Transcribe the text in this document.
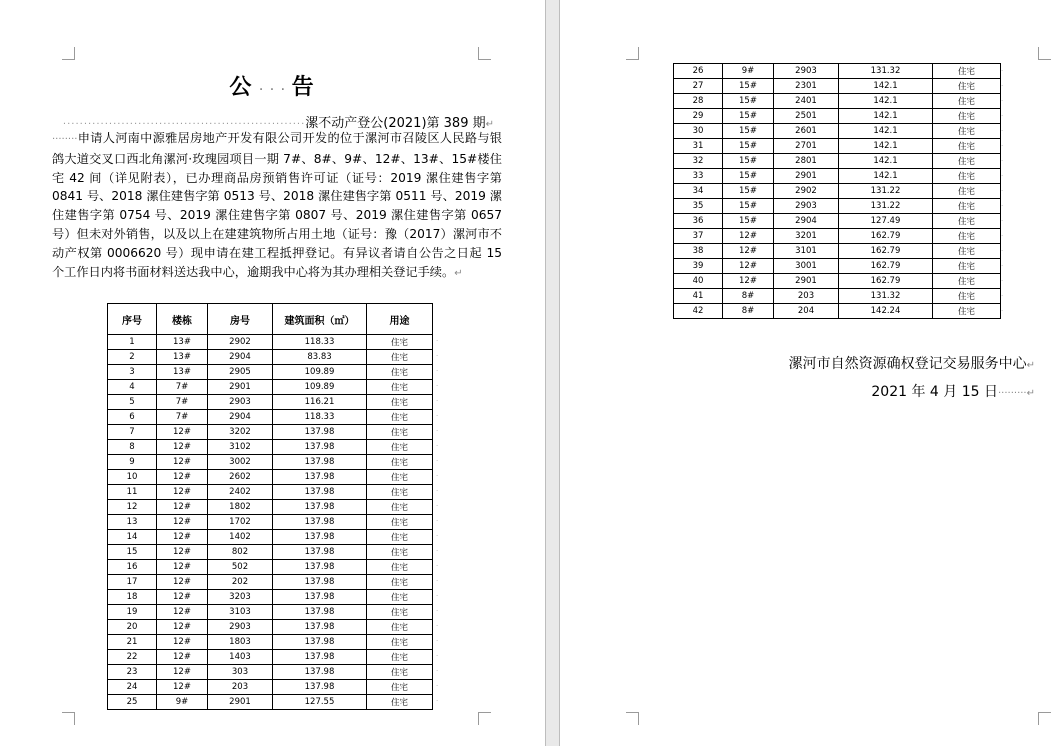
公 · · · 告
··························································漯不动产登公(2021)第 389 期↵
········申请人河南中源雅居房地产开发有限公司开发的位于漯河市召陵区人民路与银鸽大道交叉口西北角漯河·玫瑰园项目一期 7#、8#、9#、12#、13#、15#楼住宅 42 间（详见附表），已办理商品房预销售许可证（证号：2019 漯住建售字第 0841 号、2018 漯住建售字第 0513 号、2018 漯住建售字第 0511 号、2019 漯住建售字第 0754 号、2019 漯住建售字第 0807 号、2019 漯住建售字第 0657 号）但未对外销售，以及以上在建建筑物所占用土地（证号：豫（2017）漯河市不动产权第 0006620 号）现申请在建工程抵押登记。有异议者请自公告之日起 15 个工作日内将书面材料送达我中心，逾期我中心将为其办理相关登记手续。↵
序号	楼栋	房号	建筑面积（㎡）	用途
1	13#	2902	118.33	住宅
2	13#	2904	83.83	住宅
3	13#	2905	109.89	住宅
4	7#	2901	109.89	住宅
5	7#	2903	116.21	住宅
6	7#	2904	118.33	住宅
7	12#	3202	137.98	住宅
8	12#	3102	137.98	住宅
9	12#	3002	137.98	住宅
10	12#	2602	137.98	住宅
11	12#	2402	137.98	住宅
12	12#	1802	137.98	住宅
13	12#	1702	137.98	住宅
14	12#	1402	137.98	住宅
15	12#	802	137.98	住宅
16	12#	502	137.98	住宅
17	12#	202	137.98	住宅
18	12#	3203	137.98	住宅
19	12#	3103	137.98	住宅
20	12#	2903	137.98	住宅
21	12#	1803	137.98	住宅
22	12#	1403	137.98	住宅
23	12#	303	137.98	住宅
24	12#	203	137.98	住宅
25	9#	2901	127.55	住宅
·
·
·
·
·
·
·
·
·
·
·
·
·
·
·
·
·
·
·
·
·
·
·
·
·
26	9#	2903	131.32	住宅
27	15#	2301	142.1	住宅
28	15#	2401	142.1	住宅
29	15#	2501	142.1	住宅
30	15#	2601	142.1	住宅
31	15#	2701	142.1	住宅
32	15#	2801	142.1	住宅
33	15#	2901	142.1	住宅
34	15#	2902	131.22	住宅
35	15#	2903	131.22	住宅
36	15#	2904	127.49	住宅
37	12#	3201	162.79	住宅
38	12#	3101	162.79	住宅
39	12#	3001	162.79	住宅
40	12#	2901	162.79	住宅
41	8#	203	131.32	住宅
42	8#	204	142.24	住宅
·
·
·
·
·
·
·
·
·
·
·
·
·
·
·
·
·
漯河市自然资源确权登记交易服务中心↵
2021 年 4 月 15 日·········↵
